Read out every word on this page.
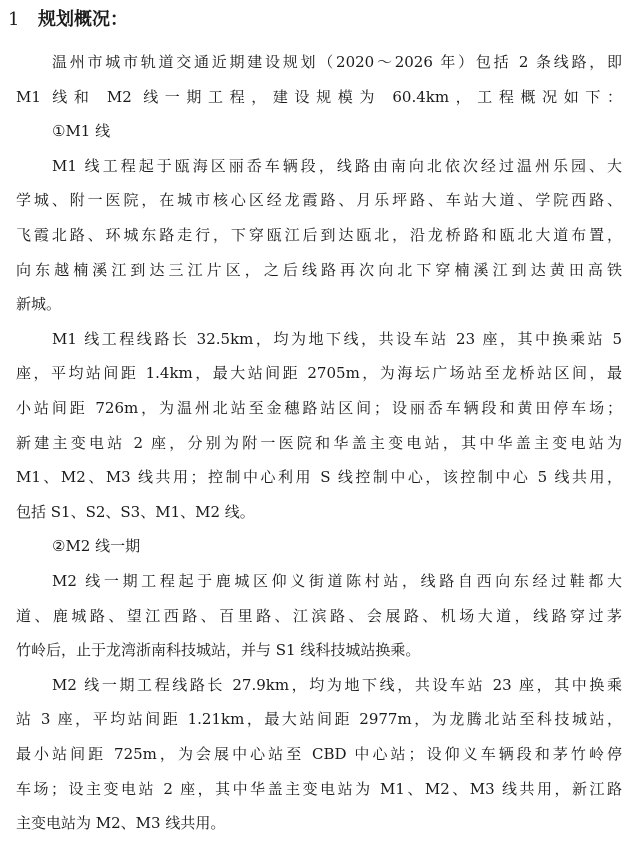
1 规划概况：
温州市城市轨道交通近期建设规划（2020～2026 年）包括 2 条线路，即
M1 线和 M2 线一期工程，建设规模为 60.4km，工程概况如下：
①M1 线
M1 线工程起于瓯海区丽岙车辆段，线路由南向北依次经过温州乐园、大
学城、附一医院，在城市核心区经龙霞路、月乐坪路、车站大道、学院西路、
飞霞北路、环城东路走行，下穿瓯江后到达瓯北，沿龙桥路和瓯北大道布置，
向东越楠溪江到达三江片区，之后线路再次向北下穿楠溪江到达黄田高铁
新城。
M1 线工程线路长 32.5km，均为地下线，共设车站 23 座，其中换乘站 5
座，平均站间距 1.4km，最大站间距 2705m，为海坛广场站至龙桥站区间，最
小站间距 726m，为温州北站至金穗路站区间；设丽岙车辆段和黄田停车场；
新建主变电站 2 座，分别为附一医院和华盖主变电站，其中华盖主变电站为
M1、M2、M3 线共用；控制中心利用 S 线控制中心，该控制中心 5 线共用，
包括 S1、S2、S3、M1、M2 线。
②M2 线一期
M2 线一期工程起于鹿城区仰义街道陈村站，线路自西向东经过鞋都大
道、鹿城路、望江西路、百里路、江滨路、会展路、机场大道，线路穿过茅
竹岭后，止于龙湾浙南科技城站，并与 S1 线科技城站换乘。
M2 线一期工程线路长 27.9km，均为地下线，共设车站 23 座，其中换乘
站 3 座，平均站间距 1.21km，最大站间距 2977m，为龙腾北站至科技城站，
最小站间距 725m，为会展中心站至 CBD 中心站；设仰义车辆段和茅竹岭停
车场；设主变电站 2 座，其中华盖主变电站为 M1、M2、M3 线共用，新江路
主变电站为 M2、M3 线共用。
